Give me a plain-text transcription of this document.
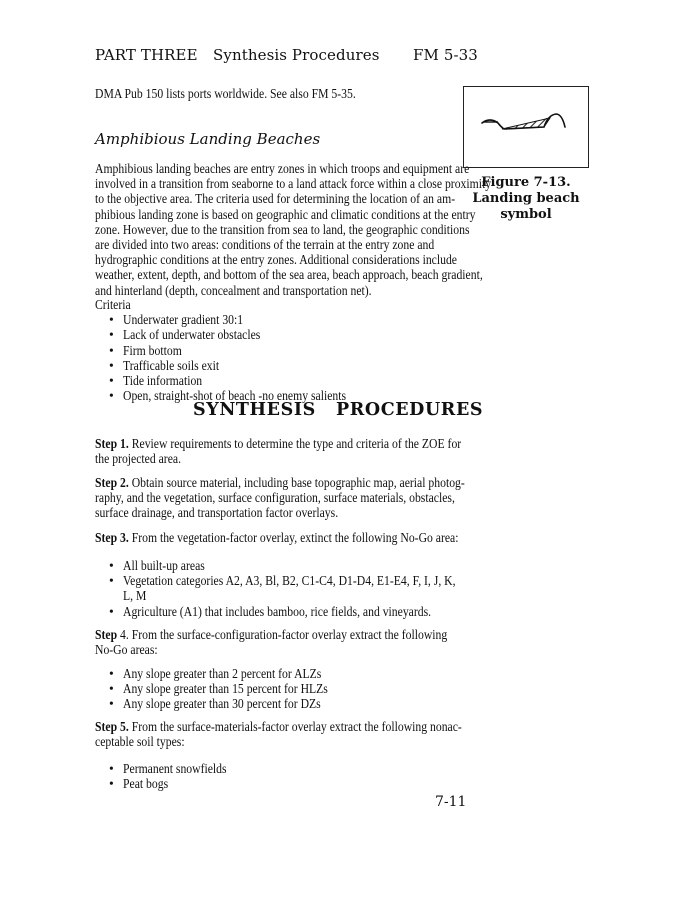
PART THREE Synthesis Procedures FM 5-33
DMA Pub 150 lists ports worldwide. See also FM 5-35.
Amphibious Landing Beaches
Amphibious landing beaches are entry zones in which troops and equipment are
involved in a transition from seaborne to a land attack force within a close proximity
to the objective area. The criteria used for determining the location of an am-
phibious landing zone is based on geographic and climatic conditions at the entry
zone. However, due to the transition from sea to land, the geographic conditions
are divided into two areas: conditions of the terrain at the entry zone and
hydrographic conditions at the entry zones. Additional considerations include
weather, extent, depth, and bottom of the sea area, beach approach, beach gradient,
and hinterland (depth, concealment and transportation net).
Criteria
• Underwater gradient 30:1
• Lack of underwater obstacles
• Firm bottom
• Trafficable soils exit
• Tide information
• Open, straight-shot of beach -no enemy salients
Figure 7-13.
Landing beach
symbol
SYNTHESIS   PROCEDURES
Step 1. Review requirements to determine the type and criteria of the ZOE for
the projected area.
Step 2. Obtain source material, including base topographic map, aerial photog-
raphy, and the vegetation, surface configuration, surface materials, obstacles,
surface drainage, and transportation factor overlays.
Step 3. From the vegetation-factor overlay, extinct the following No-Go area:
• All built-up areas
• Vegetation categories A2, A3, Bl, B2, C1-C4, D1-D4, E1-E4, F, I, J, K,
L, M
• Agriculture (A1) that includes bamboo, rice fields, and vineyards.
Step 4. From the surface-configuration-factor overlay extract the following
No-Go areas:
• Any slope greater than 2 percent for ALZs
• Any slope greater than 15 percent for HLZs
• Any slope greater than 30 percent for DZs
Step 5. From the surface-materials-factor overlay extract the following nonac-
ceptable soil types:
• Permanent snowfields
• Peat bogs
7-11
